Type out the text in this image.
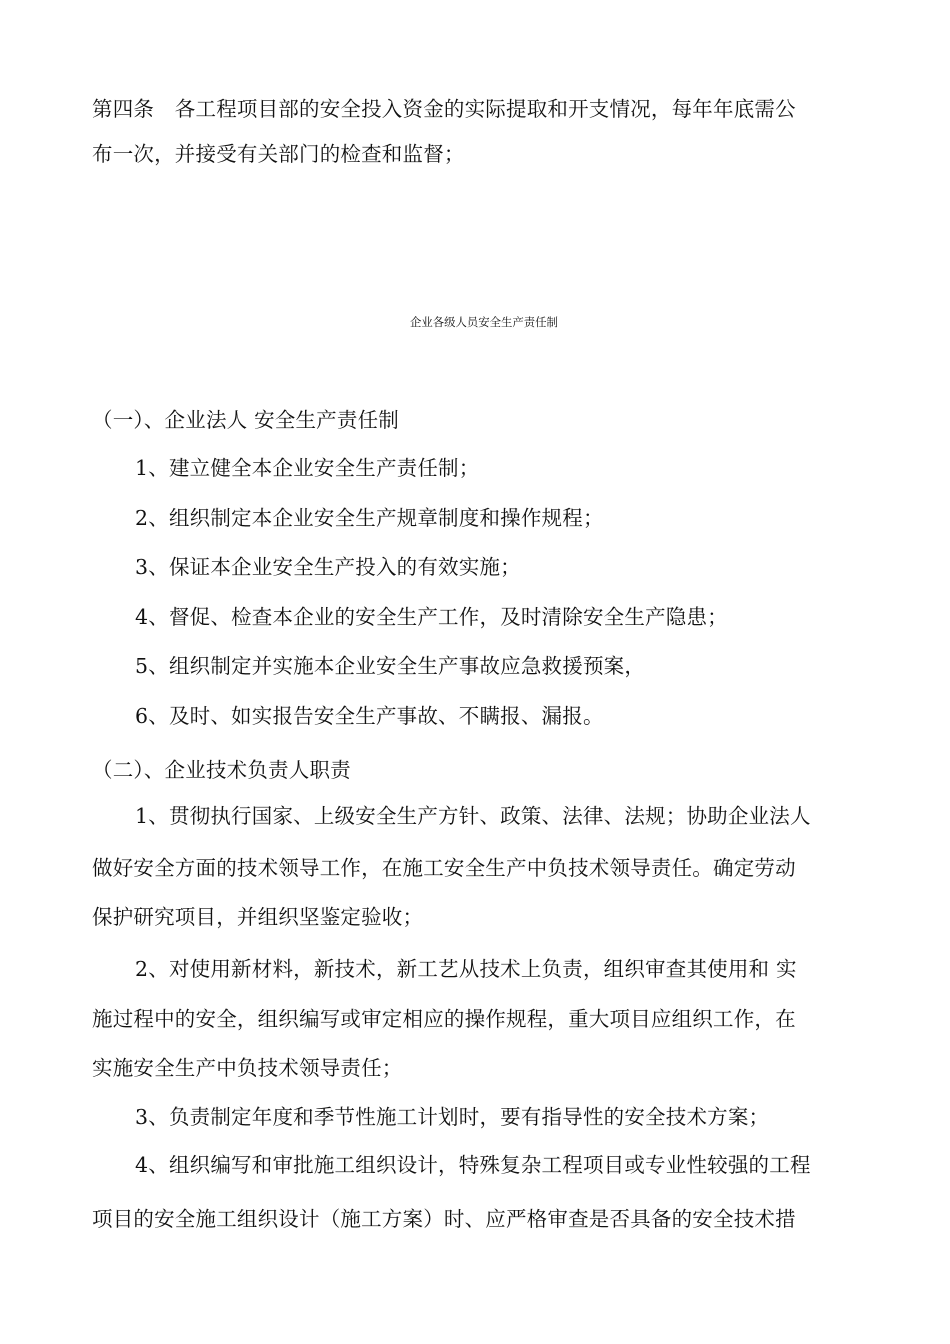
第四条　各工程项目部的安全投入资金的实际提取和开支情况，每年年底需公
布一次，并接受有关部门的检查和监督；
企业各级人员安全生产责任制
（一）、企业法人 安全生产责任制
1、建立健全本企业安全生产责任制；
2、组织制定本企业安全生产规章制度和操作规程；
3、保证本企业安全生产投入的有效实施；
4、督促、检查本企业的安全生产工作，及时清除安全生产隐患；
5、组织制定并实施本企业安全生产事故应急救援预案，
6、及时、如实报告安全生产事故、不瞒报、漏报。
（二）、企业技术负责人职责
1、贯彻执行国家、上级安全生产方针、政策、法律、法规；协助企业法人
做好安全方面的技术领导工作，在施工安全生产中负技术领导责任。确定劳动
保护研究项目，并组织坚鉴定验收；
2、对使用新材料，新技术，新工艺从技术上负责，组织审查其使用和 实
施过程中的安全，组织编写或审定相应的操作规程，重大项目应组织工作，在
实施安全生产中负技术领导责任；
3、负责制定年度和季节性施工计划时，要有指导性的安全技术方案；
4、组织编写和审批施工组织设计，特殊复杂工程项目或专业性较强的工程
项目的安全施工组织设计（施工方案）时、应严格审查是否具备的安全技术措
